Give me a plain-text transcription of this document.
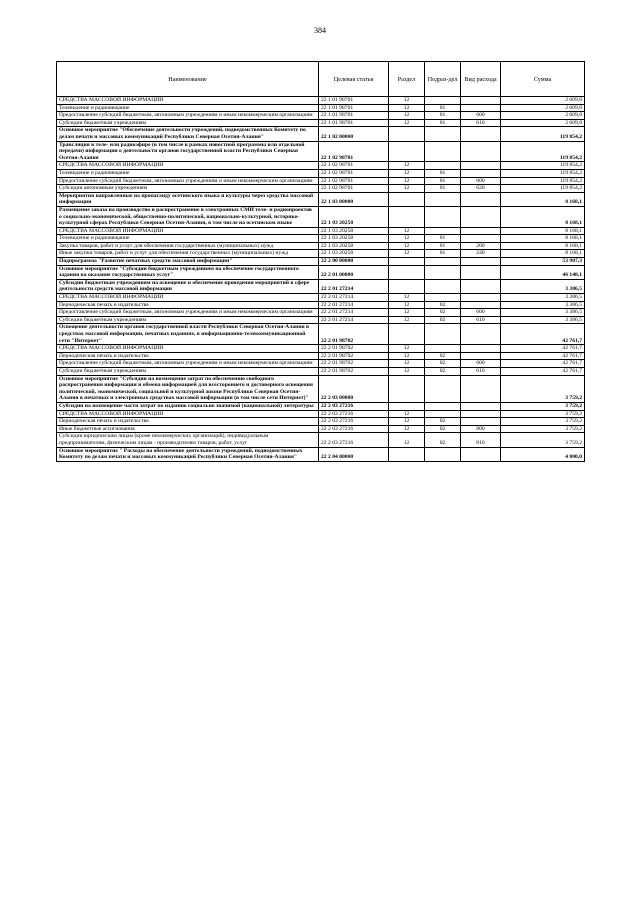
384
Наименование	Целевая статья	Раздел	Подраз-дел	Вид расхода	Сумма
СРЕДСТВА МАССОВОЙ ИНФОРМАЦИИ	22 1 01 98701	12			2 609,8
Телевидение и радиовещание	22 1 01 98701	12	01		2 609,8
Предоставление субсидий бюджетным, автономным учреждениям и иным некоммерческим организациям	22 1 01 98701	12	01	600	2 609,8
Субсидии бюджетным учреждениям	22 1 01 98701	12	01	610	2 609,8
Основное мероприятие "Обеспечение деятельности учреждений, подведомственных Комитету по делам печати и массовых коммуникаций Республики Северная Осетия-Алания"	22 1 02 00000				119 854,2
Трансляция в теле- или радиоэфире (в том числе в рамках новостной программы или отдельной передачи) информации о деятельности органов государственной власти Республики Северная Осетия-Алания	22 1 02 98701				119 854,2
СРЕДСТВА МАССОВОЙ ИНФОРМАЦИИ	22 1 02 98701	12			119 854,2
Телевидение и радиовещание	22 1 02 98701	12	01		119 854,2
Предоставление субсидий бюджетным, автономным учреждениям и иным некоммерческим организациям	22 1 02 98701	12	01	600	119 854,2
Субсидии автономным учреждениям	22 1 02 98701	12	01	620	119 854,2
Мероприятия направленные на пропаганду осетинского языка и культуры через средства массовой информации	22 1 03 00000				8 168,1
Размещение заказа на производство и распространение в электронных СМИ теле- и радиопроектов о социально-экономической, общественно-политической, национально-культурной, историко-культурной сферах Республики Северная Осетия-Алания, в том числе на осетинском языке	22 1 03 20258				8 168,1
СРЕДСТВА МАССОВОЙ ИНФОРМАЦИИ	22 1 03 20258	12			8 168,1
Телевидение и радиовещание	22 1 03 20258	12	01		8 168,1
Закупка товаров, работ и услуг для обеспечения государственных (муниципальных) нужд	22 1 03 20258	12	01	200	8 168,1
Иные закупки товаров, работ и услуг для обеспечения государственных (муниципальных) нужд	22 1 03 20258	12	01	240	8 168,1
Подпрограмма "Развитие печатных средств массовой информации"	22 2 00 00000				53 907,3
Основное мероприятие "Субсидии бюджетным учреждениям на обеспечение государственного задания на оказание государственных услуг"	22 2 01 00000				46 148,1
Субсидии бюджетным учреждениям на освещение и обеспечение проведения мероприятий в сфере деятельности средств массовой информации	22 2 01 27214				3 386,5
СРЕДСТВА МАССОВОЙ ИНФОРМАЦИИ	22 2 01 27214	12			3 386,5
Периодическая печать и издательства	22 2 01 27214	12	02		3 386,5
Предоставление субсидий бюджетным, автономным учреждениям и иным некоммерческим организациям	22 2 01 27214	12	02	600	3 386,5
Субсидии бюджетным учреждениям	22 2 01 27214	12	02	610	3 386,5
Освещение деятельности органов государственной власти Республики Северная Осетия-Алания в средствах массовой информации, печатных изданиях, в информационно-телекоммуникационной сети "Интернет"	22 2 01 98702				42 761,7
СРЕДСТВА МАССОВОЙ ИНФОРМАЦИИ	22 2 01 98702	12			42 761,7
Периодическая печать и издательства	22 2 01 98702	12	02		42 761,7
Предоставление субсидий бюджетным, автономным учреждениям и иным некоммерческим организациям	22 2 01 98702	12	02	600	42 761,7
Субсидии бюджетным учреждениям	22 2 01 98702	12	02	610	42 761,7
Основное мероприятие "Субсидии на возмещение затрат по обеспечению свободного распространения информации и обмена информацией для всестороннего и достоверного освещения политической, экономической, социальной и культурной жизни Республики Северная Осетия-Алания в печатных и электронных средствах массовой информации (в том числе сети Интернет)"	22 2 03 00000				3 759,2
Субсидии на возмещение части затрат по изданию социально значимой (национальной) литературы	22 2 03 27216				3 759,2
СРЕДСТВА МАССОВОЙ ИНФОРМАЦИИ	22 2 03 27216	12			3 759,2
Периодическая печать и издательства	22 2 03 27216	12	02		3 759,2
Иные бюджетные ассигнования	22 2 03 27216	12	02	800	3 759,2
Субсидии юридическим лицам (кроме некоммерческих организаций), индивидуальным предпринимателям, физическим лицам - производителям товаров, работ, услуг	22 2 03 27216	12	02	810	3 759,2
Основное мероприятие " Расходы на обеспечение деятельности учреждений, подведомственных Комитету по делам печати и массовых коммуникаций Республики Северная Осетия-Алания"	22 2 04 00000				4 000,0
